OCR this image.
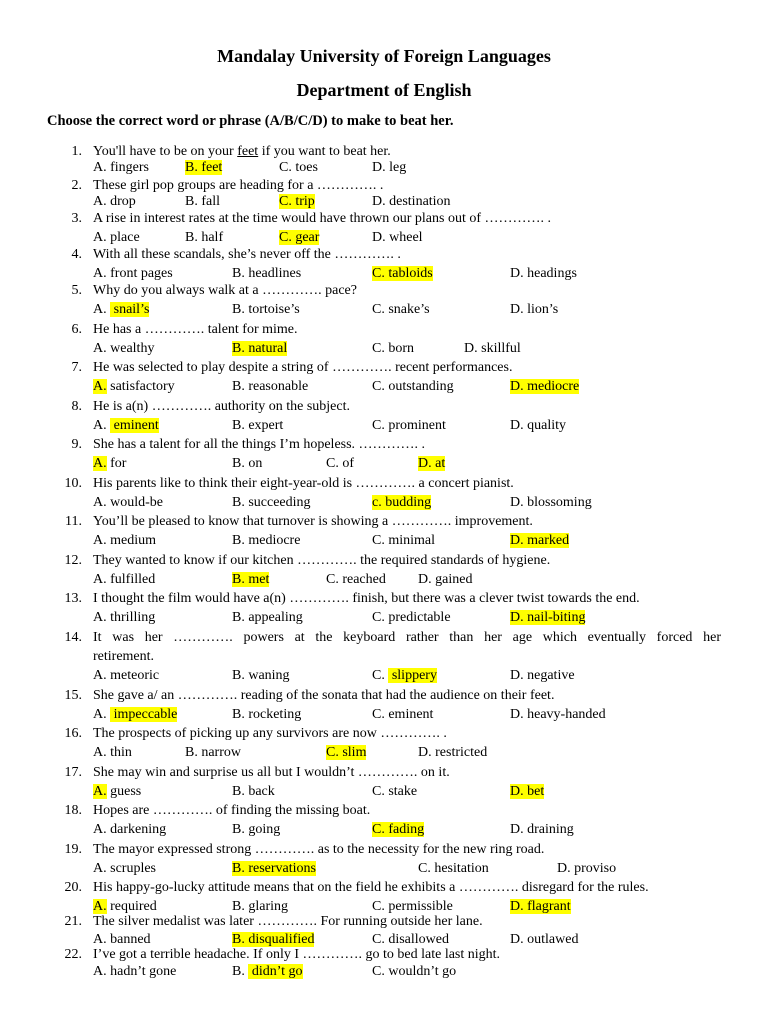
Mandalay University of Foreign Languages
Department of English
Choose the correct word or phrase (A/B/C/D) to make to beat her.
1. You'll have to be on your feet if you want to beat her.
A. fingers	B. feet	C. toes	D. leg
2. These girl pop groups are heading for a …………. .
A. drop	B. fall	C. trip	D. destination
3. A rise in interest rates at the time would have thrown our plans out of …………. .
A. place	B. half	C. gear	D. wheel
4. With all these scandals, she’s never off the …………. .
A. front pages	B. headlines	C. tabloids	D. headings
5. Why do you always walk at a …………. pace?
A. snail’s	B. tortoise’s	C. snake’s	D. lion’s
6. He has a …………. talent for mime.
A. wealthy	B. natural	C. born	D. skillful
7. He was selected to play despite a string of …………. recent performances.
A. satisfactory	B. reasonable	C. outstanding	D. mediocre
8. He is a(n) …………. authority on the subject.
A. eminent	B. expert	C. prominent	D. quality
9. She has a talent for all the things I’m hopeless. …………. .
A. for	B. on	C. of	D. at
10. His parents like to think their eight-year-old is …………. a concert pianist.
A. would-be	B. succeeding	c. budding	D. blossoming
11. You’ll be pleased to know that turnover is showing a …………. improvement.
A. medium	B. mediocre	C. minimal	D. marked
12. They wanted to know if our kitchen …………. the required standards of hygiene.
A. fulfilled	B. met	C. reached D. gained
13. I thought the film would have a(n) …………. finish, but there was a clever twist towards the end.
A. thrilling	B. appealing	C. predictable	D. nail-biting
14. It was her …………. powers at the keyboard rather than her age which eventually forced her
retirement.
A. meteoric	B. waning	C. slippery	D. negative
15. She gave a/ an …………. reading of the sonata that had the audience on their feet.
A. impeccable	B. rocketing	C. eminent	D. heavy-handed
16. The prospects of picking up any survivors are now …………. .
A. thin	B. narrow	C. slim	D. restricted
17. She may win and surprise us all but I wouldn’t …………. on it.
A. guess	B. back	C. stake	D. bet
18. Hopes are …………. of finding the missing boat.
A. darkening	B. going	C. fading	D. draining
19. The mayor expressed strong …………. as to the necessity for the new ring road.
A. scruples	B. reservations	C. hesitation	D. proviso
20. His happy-go-lucky attitude means that on the field he exhibits a …………. disregard for the rules.
A. required	B. glaring	C. permissible	D. flagrant
21. The silver medalist was later …………. For running outside her lane.
A. banned	B. disqualified	C. disallowed	D. outlawed
22. I’ve got a terrible headache. If only I …………. go to bed late last night.
A. hadn’t gone	B. didn’t go	C. wouldn’t go
